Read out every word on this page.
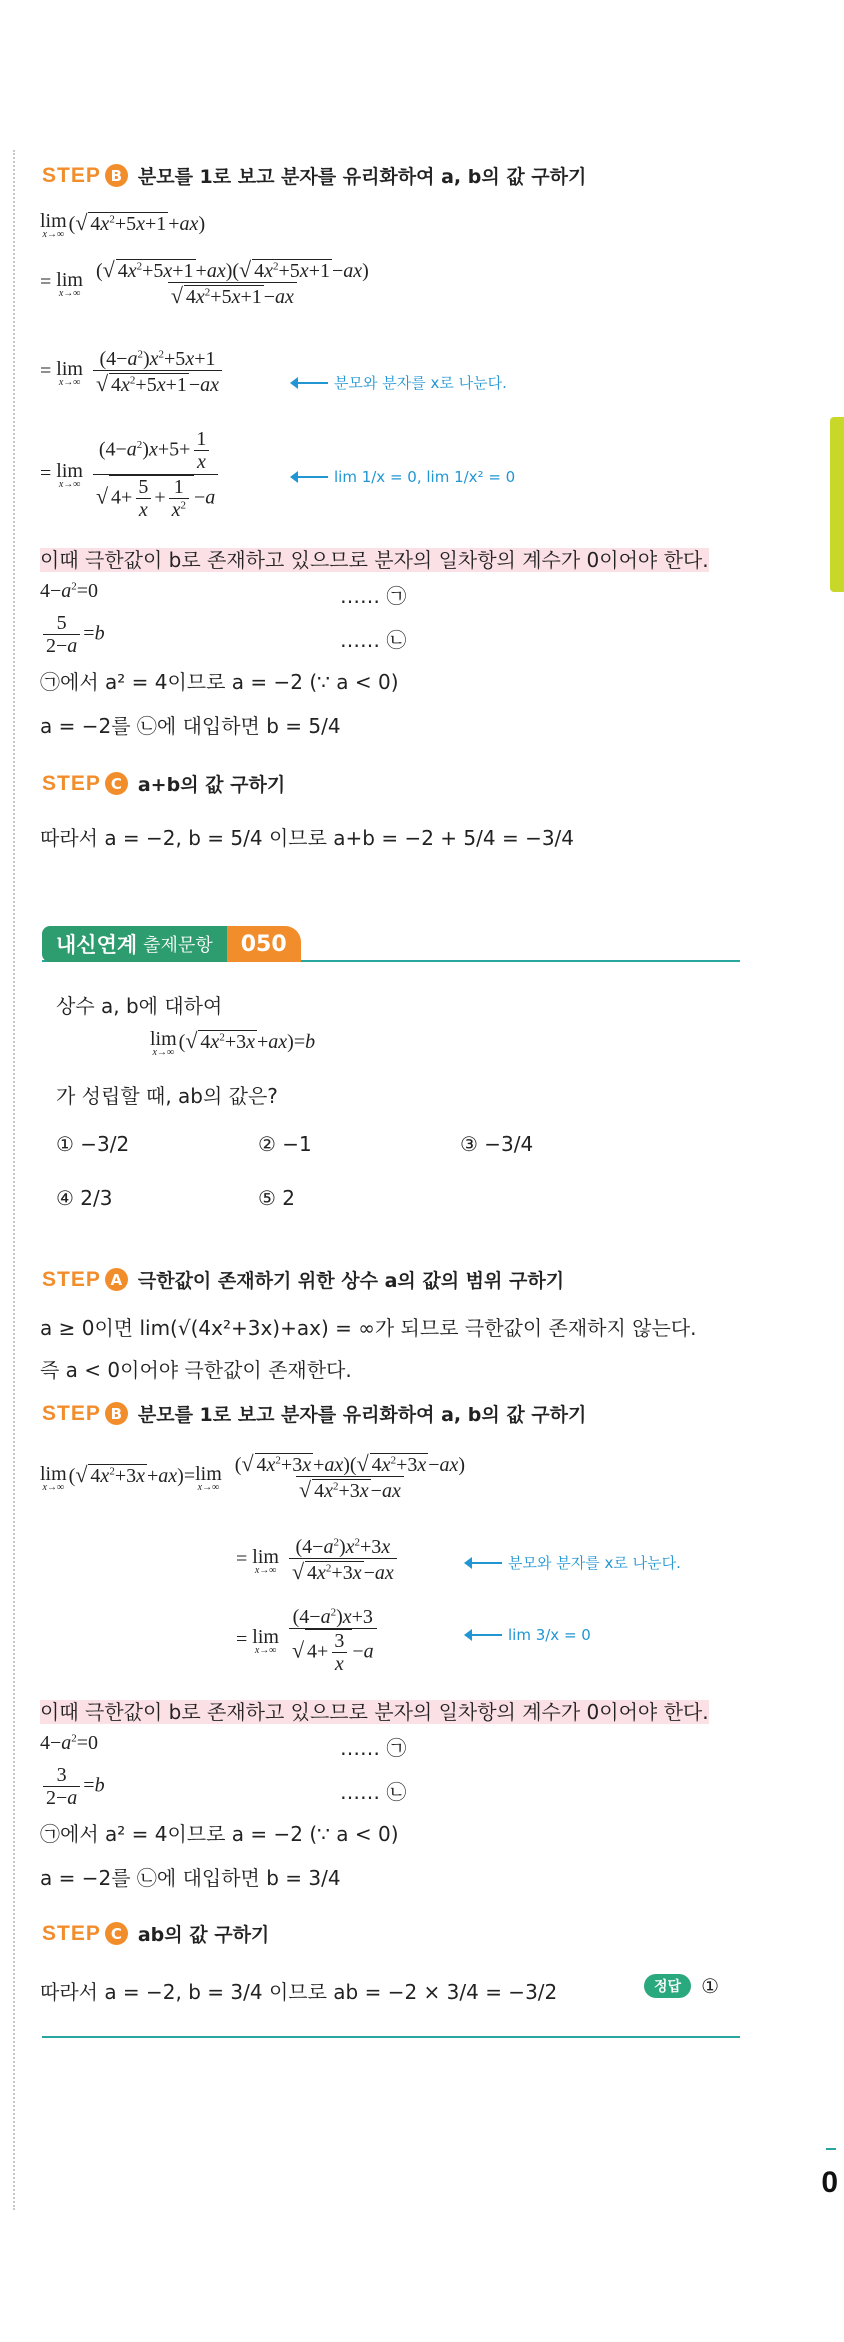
0
STEP B 분모를 1로 보고 분자를 유리화하여 a, b의 값 구하기
lim
x→∞ (√ $4x^2+5x+1 +ax$)
= lim
x→∞
$\frac{(√ 4x^2+5x+1 +ax)(√ 4x^2+5x+1 -ax)}{√ 4x^2+5x+1 -ax}$
= lim
x→∞
$\frac{(4-a^2)x^2+5x+1}{√ 4x^2+5x+1 -ax}$	분모와 분자를 x로 나눈다.
= lim
x→∞
$\frac{(4-a^2)x+5+ \frac{1}{x}}{√ 4+ \frac{5}{x} + \frac{1}{x^2} -a}$	lim 1/x = 0, lim 1/x² = 0
이때 극한값이 b로 존재하고 있으므로 분자의 일차항의 계수가 0이어야 한다.
$4-a^2=0$	…… ㉠
$\frac{5}{2-a} =b$	…… ㉡
㉠에서 a² = 4이므로 a = −2 (∵ a < 0)
a = −2를 ㉡에 대입하면 b = 5/4
STEP C a+b의 값 구하기
따라서 a = −2, b = 5/4 이므로 a+b = −2 + 5/4 = −3/4
내신연계 출제문항	050
상수 a, b에 대하여
lim
x→∞ (√ $4x^2+3x +ax)=b$
가 성립할 때, ab의 값은?
① −3/2	② −1	③ −3/4
④ 2/3	⑤ 2
STEP A 극한값이 존재하기 위한 상수 a의 값의 범위 구하기
a ≥ 0이면 lim(√(4x²+3x)+ax) = ∞가 되므로 극한값이 존재하지 않는다.
즉 a < 0이어야 극한값이 존재한다.
STEP B 분모를 1로 보고 분자를 유리화하여 a, b의 값 구하기
lim
x→∞ (√ $4x^2+3x +ax)= \lim$
x→∞
$\frac{(√ 4x^2+3x +ax)(√ 4x^2+3x -ax)}{√ 4x^2+3x -ax}$
= lim
x→∞
$\frac{(4-a^2)x^2+3x}{√ 4x^2+3x -ax}$	분모와 분자를 x로 나눈다.
= lim
x→∞
$\frac{(4-a^2)x+3}{√ 4+ \frac{3}{x} -a}$	lim 3/x = 0
이때 극한값이 b로 존재하고 있으므로 분자의 일차항의 계수가 0이어야 한다.
$4-a^2=0$	…… ㉠
$\frac{3}{2-a} =b$	…… ㉡
㉠에서 a² = 4이므로 a = −2 (∵ a < 0)
a = −2를 ㉡에 대입하면 b = 3/4
STEP C ab의 값 구하기
따라서 a = −2, b = 3/4 이므로 ab = −2 × 3/4 = −3/2	정답	①
